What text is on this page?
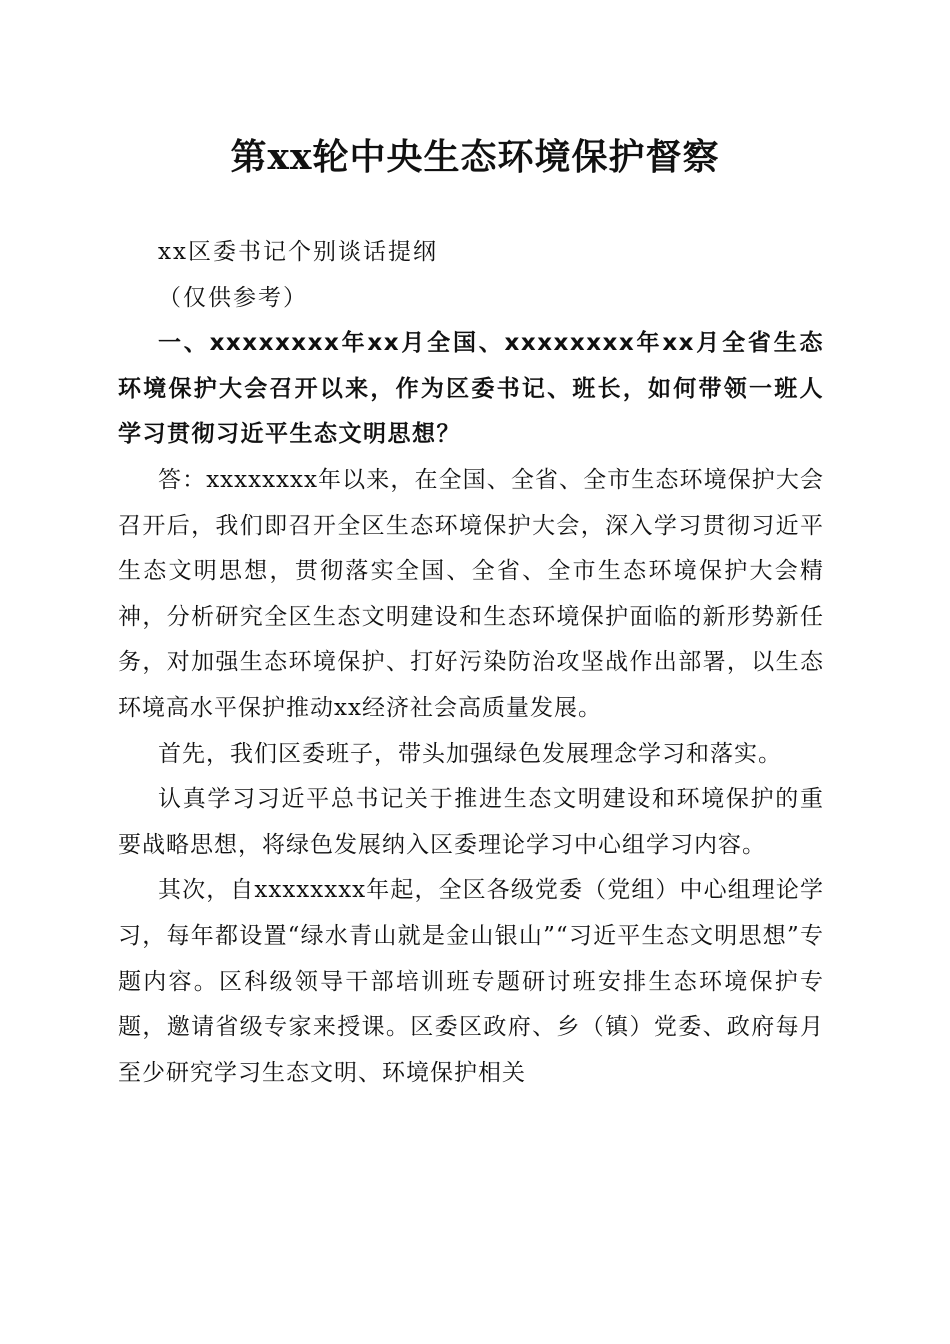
第xx轮中央生态环境保护督察

xx区委书记个别谈话提纲

（仅供参考）

一、xxxxxxxx年xx月全国、xxxxxxxx年xx月全省生态环境保护大会召开以来，作为区委书记、班长，如何带领一班人学习贯彻习近平生态文明思想？

答：xxxxxxxx年以来，在全国、全省、全市生态环境保护大会召开后，我们即召开全区生态环境保护大会，深入学习贯彻习近平生态文明思想，贯彻落实全国、全省、全市生态环境保护大会精神，分析研究全区生态文明建设和生态环境保护面临的新形势新任务，对加强生态环境保护、打好污染防治攻坚战作出部署，以生态环境高水平保护推动xx经济社会高质量发展。

首先，我们区委班子，带头加强绿色发展理念学习和落实。

认真学习习近平总书记关于推进生态文明建设和环境保护的重要战略思想，将绿色发展纳入区委理论学习中心组学习内容。

其次，自xxxxxxxx年起，全区各级党委（党组）中心组理论学习，每年都设置“绿水青山就是金山银山”“习近平生态文明思想”专题内容。区科级领导干部培训班专题研讨班安排生态环境保护专题，邀请省级专家来授课。区委区政府、乡（镇）党委、政府每月至少研究学习生态文明、环境保护相关
